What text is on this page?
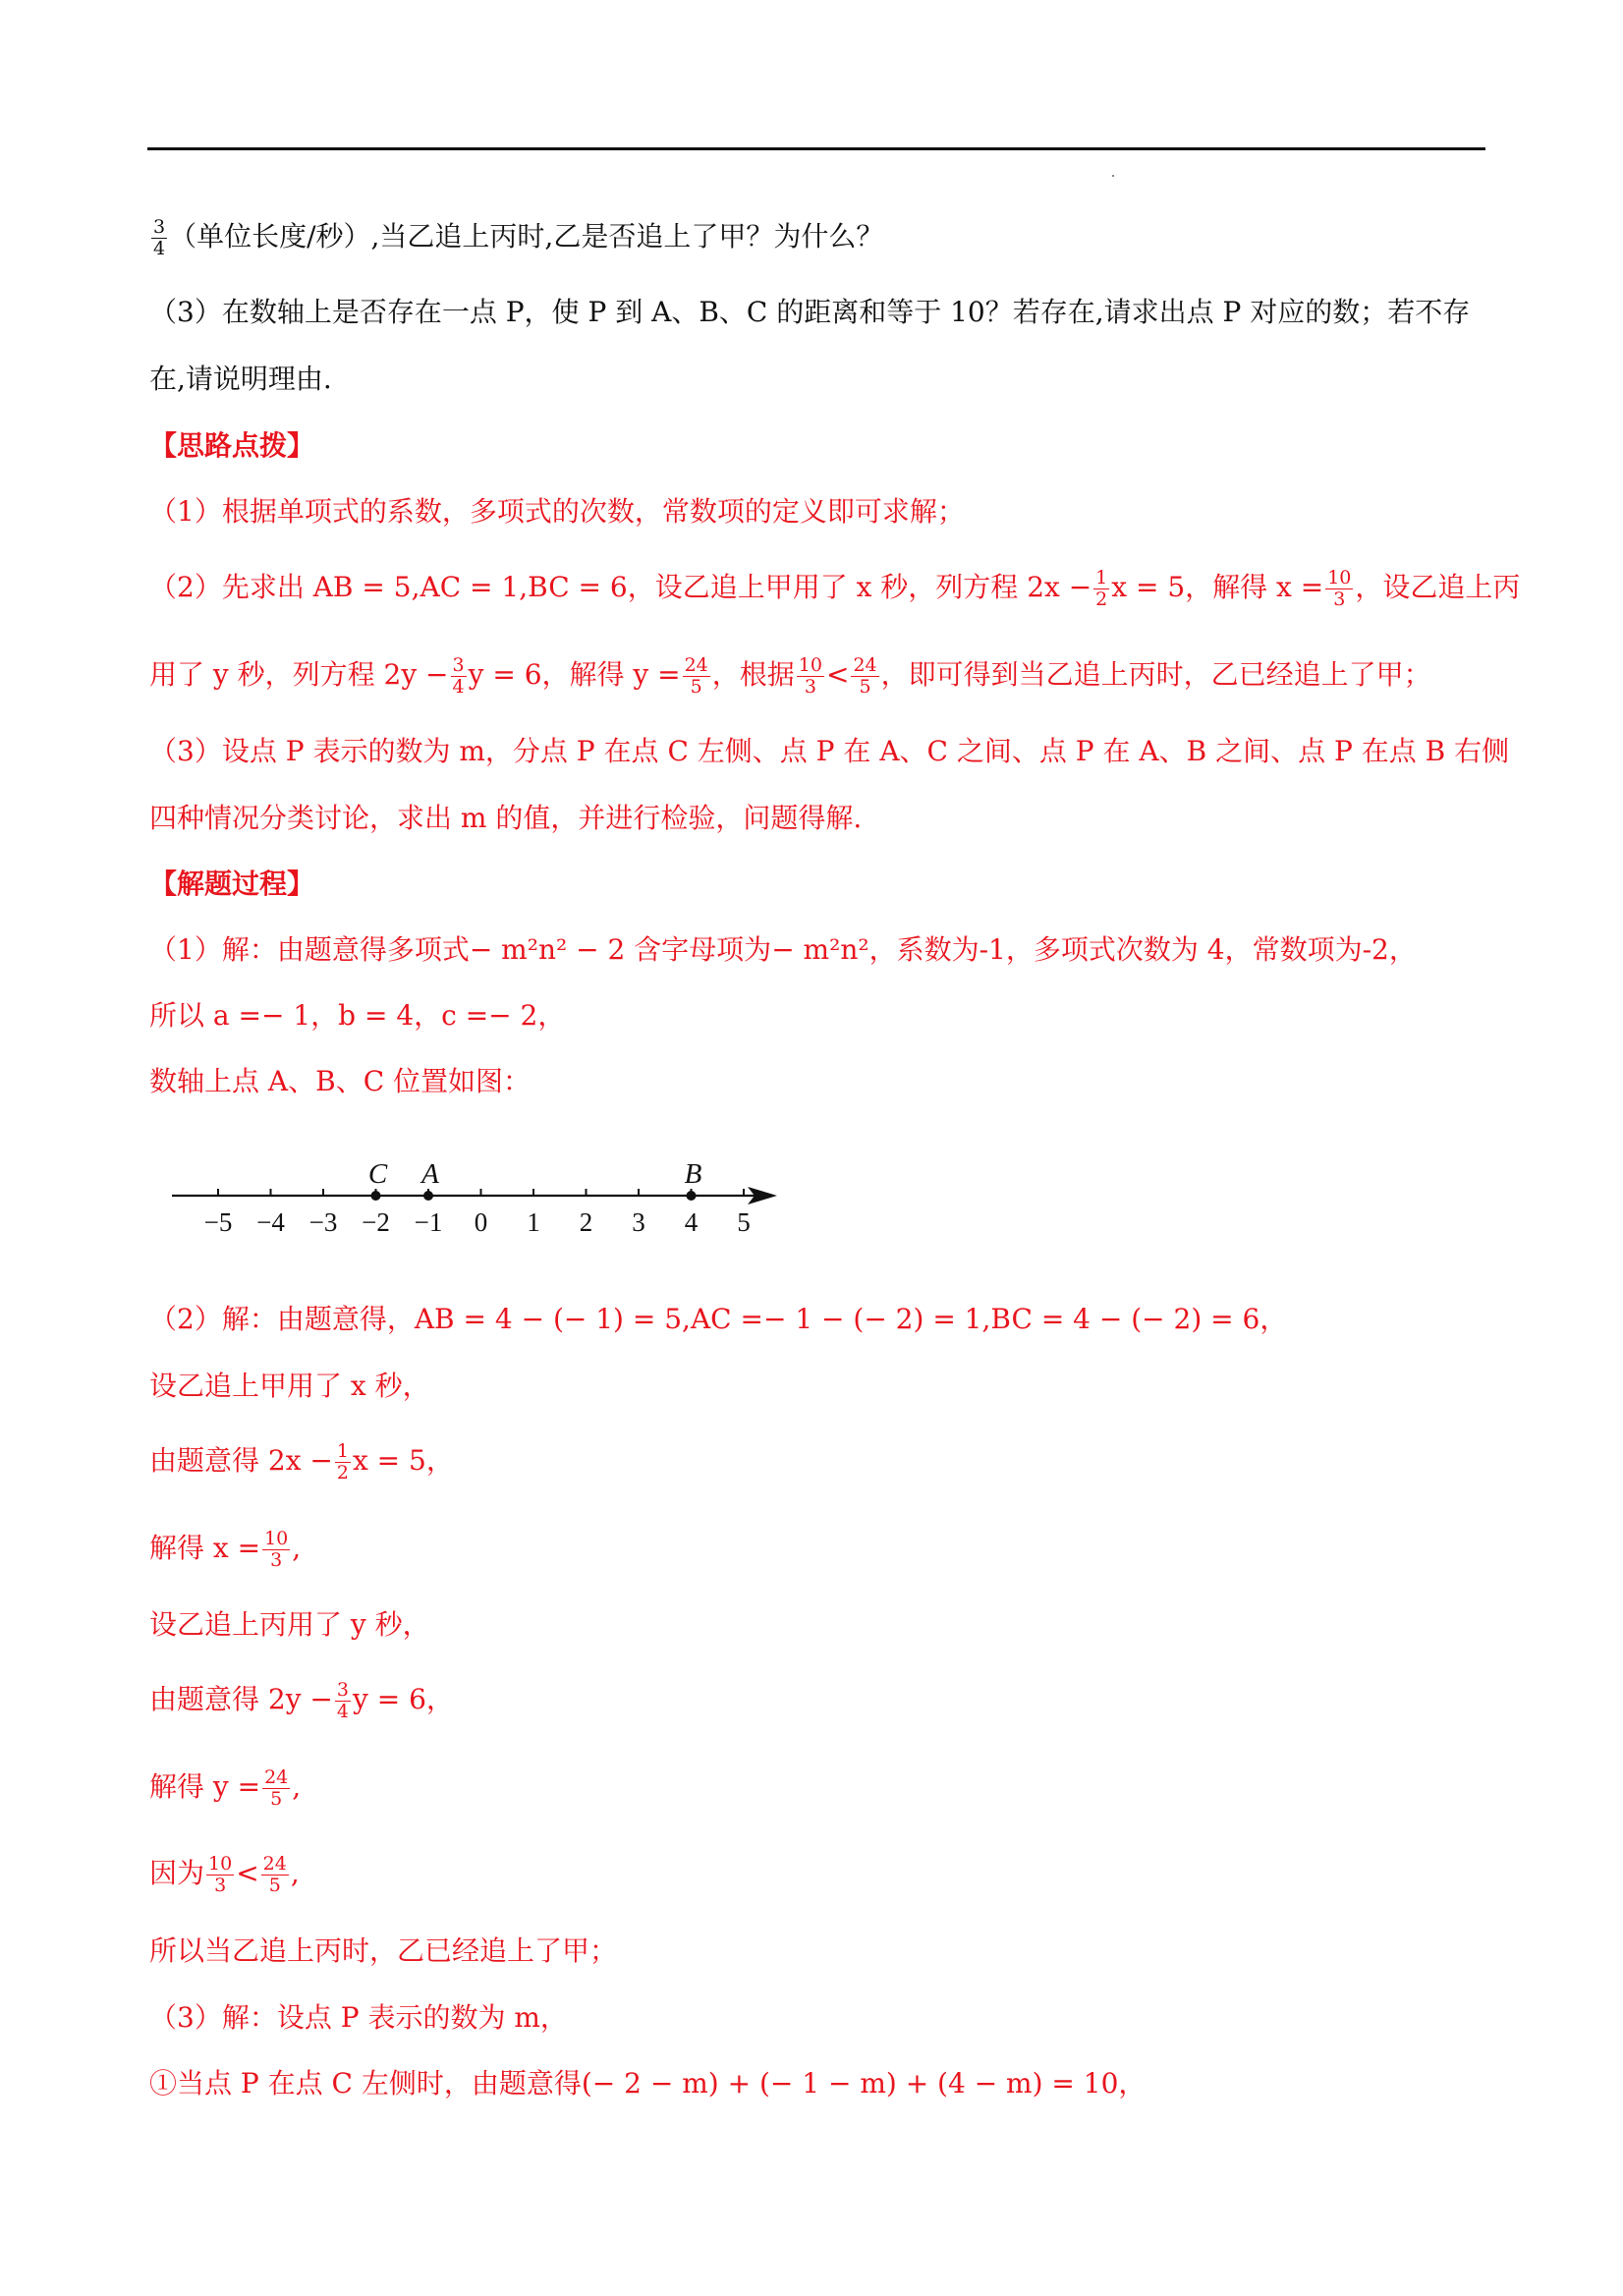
$\frac{3}{4}$ （单位长度/秒）,当乙追上丙时,乙是否追上了甲？为什么？
（3）在数轴上是否存在一点 P，使 P 到 A、B、C 的距离和等于 10？若存在,请求出点 P 对应的数；若不存
在,请说明理由.
【思路点拨】
（1）根据单项式的系数，多项式的次数，常数项的定义即可求解；
（2）先求出 AB = 5,AC = 1,BC = 6，设乙追上甲用了 x 秒，列方程 $2x - \frac{1}{2}$ x = 5，解得 $x = \frac{10}{3}$ ，设乙追上丙
用了 y 秒，列方程 $2y - \frac{3}{4}$ y = 6，解得 $y = \frac{24}{5}$ ，根据 $\frac{10}{3} < \frac{24}{5}$ ，即可得到当乙追上丙时，乙已经追上了甲；
（3）设点 P 表示的数为 m，分点 P 在点 C 左侧、点 P 在 A、C 之间、点 P 在 A、B 之间、点 P 在点 B 右侧
四种情况分类讨论，求出 m 的值，并进行检验，问题得解.
【解题过程】
（1）解：由题意得多项式− m²n² − 2 含字母项为− m²n²，系数为-1，多项式次数为 4，常数项为-2，
所以 a =− 1，b = 4，c =− 2，
数轴上点 A、B、C 位置如图：
−5 −4 −3 −2 −1 0 1 2 3 4 5
C A	B
（2）解：由题意得，AB = 4 − (− 1) = 5,AC =− 1 − (− 2) = 1,BC = 4 − (− 2) = 6，
设乙追上甲用了 x 秒，
由题意得 $2x - \frac{1}{2}$ x = 5，
解得 $x = \frac{10}{3}$ ,
设乙追上丙用了 y 秒，
由题意得 $2y - \frac{3}{4}$ y = 6，
解得 $y = \frac{24}{5}$ ,
因为 $\frac{10}{3} < \frac{24}{5}$ ,
所以当乙追上丙时，乙已经追上了甲；
（3）解：设点 P 表示的数为 m，
①当点 P 在点 C 左侧时，由题意得(− 2 − m) + (− 1 − m) + (4 − m) = 10，
